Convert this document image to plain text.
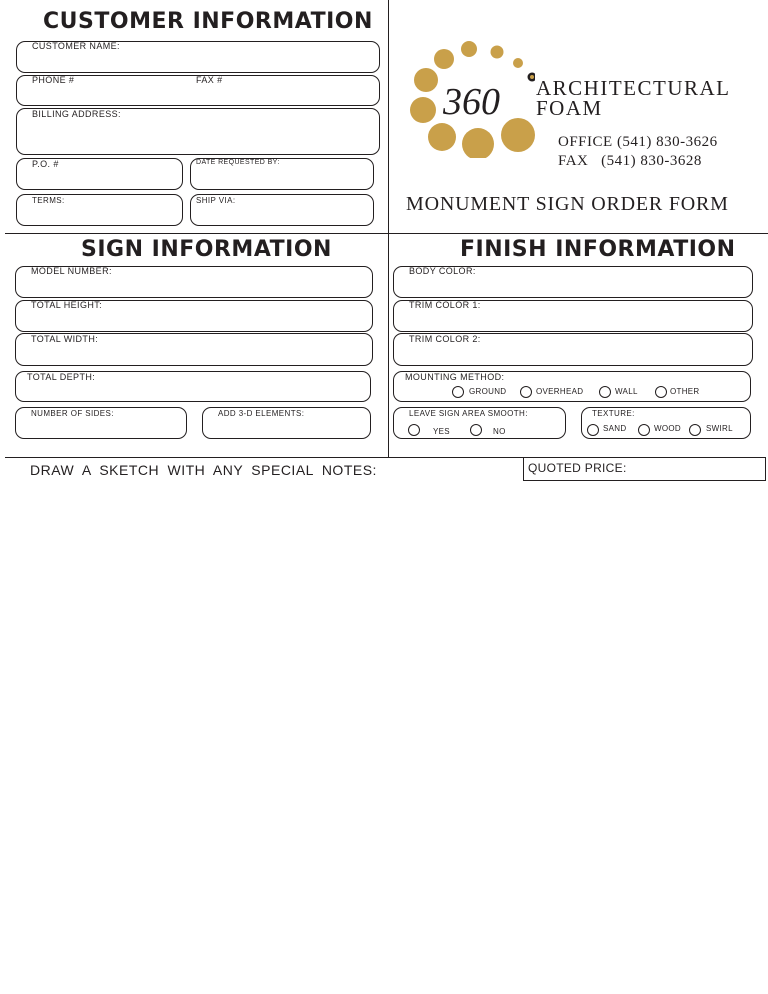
CUSTOMER INFORMATION
CUSTOMER NAME:
PHONE #	FAX #
BILLING ADDRESS:
P.O. #	DATE REQUESTED BY:
TERMS:	SHIP VIA:
360 ARCHITECTURAL
FOAM
OFFICE (541) 830-3626
FAX (541) 830-3628
MONUMENT SIGN ORDER FORM
SIGN INFORMATION
MODEL NUMBER:
TOTAL HEIGHT:
TOTAL WIDTH:
TOTAL DEPTH:
NUMBER OF SIDES:	ADD 3-D ELEMENTS:
FINISH INFORMATION
BODY COLOR:
TRIM COLOR 1:
TRIM COLOR 2:
MOUNTING METHOD:
GROUND	OVERHEAD	WALL	OTHER
LEAVE SIGN AREA SMOOTH:
YES	NO
TEXTURE:
SAND	WOOD	SWIRL
DRAW A SKETCH WITH ANY SPECIAL NOTES:	QUOTED PRICE:
